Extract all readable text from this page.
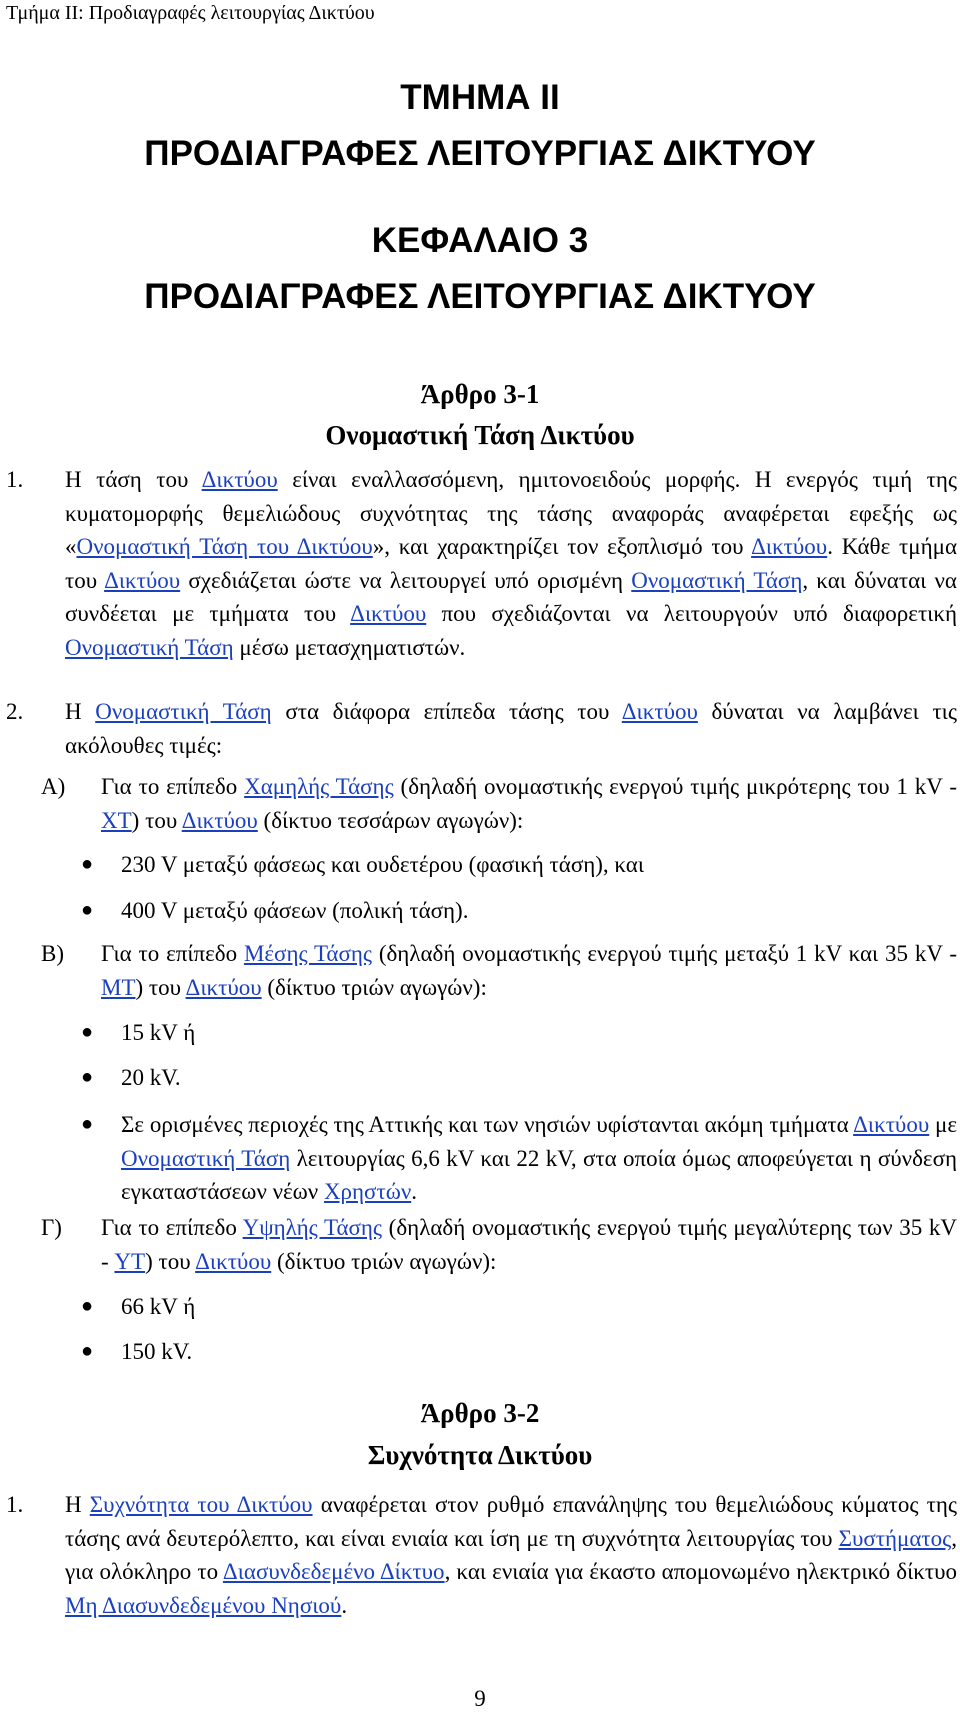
Τμήμα ΙΙ: Προδιαγραφές λειτουργίας Δικτύου
ΤΜΗΜΑ ΙΙ
ΠΡΟΔΙΑΓΡΑΦΕΣ ΛΕΙΤΟΥΡΓΙΑΣ ΔΙΚΤΥΟΥ
ΚΕΦΑΛΑΙΟ 3
ΠΡΟΔΙΑΓΡΑΦΕΣ ΛΕΙΤΟΥΡΓΙΑΣ ΔΙΚΤΥΟΥ
Άρθρο 3-1
Ονομαστική Τάση Δικτύου
1. Η τάση του Δικτύου είναι εναλλασσόμενη, ημιτονοειδούς μορφής. Η ενεργός τιμή της κυματομορφής θεμελιώδους συχνότητας της τάσης αναφοράς αναφέρεται εφεξής ως «Ονομαστική Τάση του Δικτύου», και χαρακτηρίζει τον εξοπλισμό του Δικτύου. Κάθε τμήμα του Δικτύου σχεδιάζεται ώστε να λειτουργεί υπό ορισμένη Ονομαστική Τάση, και δύναται να συνδέεται με τμήματα του Δικτύου που σχεδιάζονται να λειτουργούν υπό διαφορετική Ονομαστική Τάση μέσω μετασχηματιστών.
2. Η Ονομαστική Τάση στα διάφορα επίπεδα τάσης του Δικτύου δύναται να λαμβάνει τις ακόλουθες τιμές:
Α) Για το επίπεδο Χαμηλής Τάσης (δηλαδή ονομαστικής ενεργού τιμής μικρότερης του 1 kV - ΧΤ) του Δικτύου (δίκτυο τεσσάρων αγωγών):
● 230 V μεταξύ φάσεως και ουδετέρου (φασική τάση), και
● 400 V μεταξύ φάσεων (πολική τάση).
Β) Για το επίπεδο Μέσης Τάσης (δηλαδή ονομαστικής ενεργού τιμής μεταξύ 1 kV και 35 kV - ΜΤ) του Δικτύου (δίκτυο τριών αγωγών):
● 15 kV ή
● 20 kV.
● Σε ορισμένες περιοχές της Αττικής και των νησιών υφίστανται ακόμη τμήματα Δικτύου με Ονομαστική Τάση λειτουργίας 6,6 kV και 22 kV, στα οποία όμως αποφεύγεται η σύνδεση εγκαταστάσεων νέων Χρηστών.
Γ) Για το επίπεδο Υψηλής Τάσης (δηλαδή ονομαστικής ενεργού τιμής μεγαλύτερης των 35 kV - ΥΤ) του Δικτύου (δίκτυο τριών αγωγών):
● 66 kV ή
● 150 kV.
Άρθρο 3-2
Συχνότητα Δικτύου
1. Η Συχνότητα του Δικτύου αναφέρεται στον ρυθμό επανάληψης του θεμελιώδους κύματος της τάσης ανά δευτερόλεπτο, και είναι ενιαία και ίση με τη συχνότητα λειτουργίας του Συστήματος, για ολόκληρο το Διασυνδεδεμένο Δίκτυο, και ενιαία για έκαστο απομονωμένο ηλεκτρικό δίκτυο Μη Διασυνδεδεμένου Νησιού.
9
